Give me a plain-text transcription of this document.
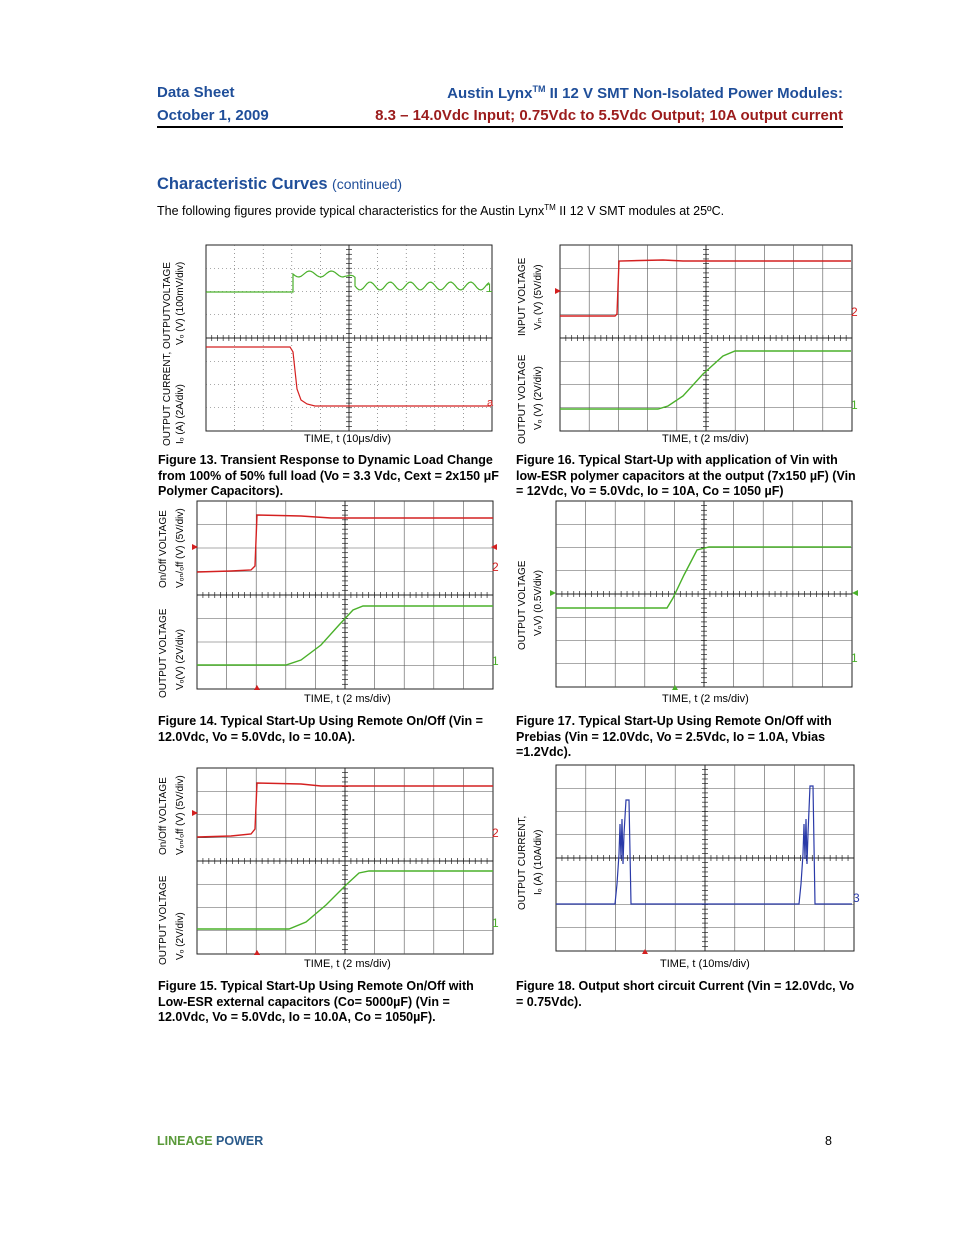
Data Sheet
October 1, 2009
Austin Lynx™ II 12 V SMT Non-Isolated Power Modules:
8.3 – 14.0Vdc Input; 0.75Vdc to 5.5Vdc Output; 10A output current
Characteristic Curves (continued)
The following figures provide typical characteristics for the Austin Lynx™ II 12 V SMT modules at 25ºC.
OUTPUT CURRENT, OUTPUTVOLTAGE Vₒ (V) (100mV/div)
Iₒ (A) (2A/div)
1
a
TIME, t (10μs/div)
Figure 13. Transient Response to Dynamic Load Change from 100% of 50% full load (Vo = 3.3 Vdc, Cext = 2x150 μF Polymer Capacitors).
INPUT VOLTAGE Vᵢₙ (V) (5V/div)
OUTPUT VOLTAGE Vₒ (V) (2V/div)
2
1
TIME, t (2 ms/div)
Figure 16. Typical Start-Up with application of Vin with low-ESR polymer capacitors at the output (7x150 µF) (Vin = 12Vdc, Vo = 5.0Vdc, Io = 10A, Co = 1050 µF)
On/Off VOLTAGE Vₒₙ/ₒff (V) (5V/div)
OUTPUT VOLTAGE Vₒ(V) (2V/div)
2
1
TIME, t (2 ms/div)
Figure 14. Typical Start-Up Using Remote On/Off (Vin = 12.0Vdc, Vo = 5.0Vdc, Io = 10.0A).
OUTPUT VOLTAGE VₒV) (0.5V/div)
1
TIME, t (2 ms/div)
Figure 17. Typical Start-Up Using Remote On/Off with Prebias (Vin = 12.0Vdc, Vo = 2.5Vdc, Io = 1.0A, Vbias =1.2Vdc).
On/Off VOLTAGE Vₒₙ/ₒff (V) (5V/div)
OUTPUT VOLTAGE Vₒ (2V/div)
2
1
TIME, t (2 ms/div)
Figure 15. Typical Start-Up Using Remote On/Off with Low-ESR external capacitors (Co= 5000µF) (Vin = 12.0Vdc, Vo = 5.0Vdc, Io = 10.0A, Co = 1050µF).
OUTPUT CURRENT, Iₒ (A) (10A/div)
3
TIME, t (10ms/div)
Figure 18. Output short circuit Current (Vin = 12.0Vdc, Vo = 0.75Vdc).
LINEAGE POWER	8
